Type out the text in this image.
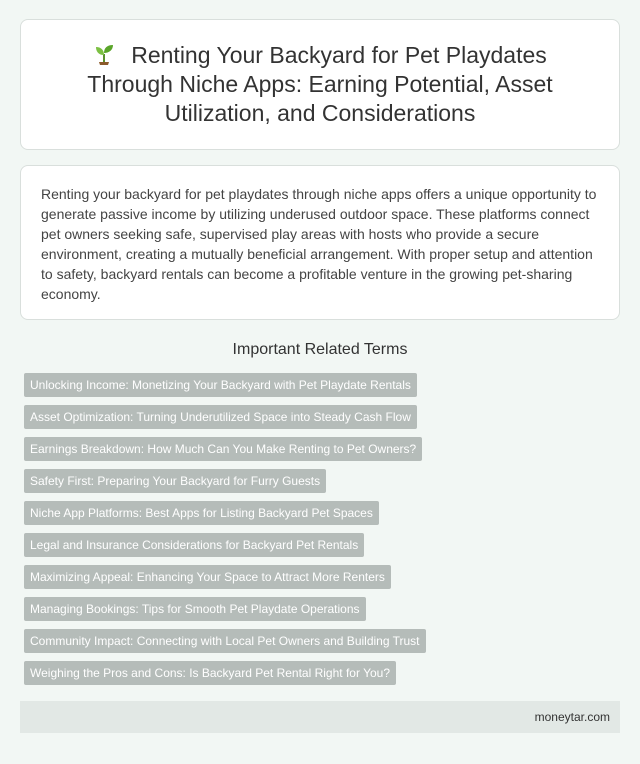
Renting Your Backyard for Pet Playdates Through Niche Apps: Earning Potential, Asset Utilization, and Considerations

Renting your backyard for pet playdates through niche apps offers a unique opportunity to generate passive income by utilizing underused outdoor space. These platforms connect pet owners seeking safe, supervised play areas with hosts who provide a secure environment, creating a mutually beneficial arrangement. With proper setup and attention to safety, backyard rentals can become a profitable venture in the growing pet-sharing economy.

Important Related Terms
Unlocking Income: Monetizing Your Backyard with Pet Playdate Rentals
Asset Optimization: Turning Underutilized Space into Steady Cash Flow
Earnings Breakdown: How Much Can You Make Renting to Pet Owners?
Safety First: Preparing Your Backyard for Furry Guests
Niche App Platforms: Best Apps for Listing Backyard Pet Spaces
Legal and Insurance Considerations for Backyard Pet Rentals
Maximizing Appeal: Enhancing Your Space to Attract More Renters
Managing Bookings: Tips for Smooth Pet Playdate Operations
Community Impact: Connecting with Local Pet Owners and Building Trust
Weighing the Pros and Cons: Is Backyard Pet Rental Right for You?
moneytar.com
